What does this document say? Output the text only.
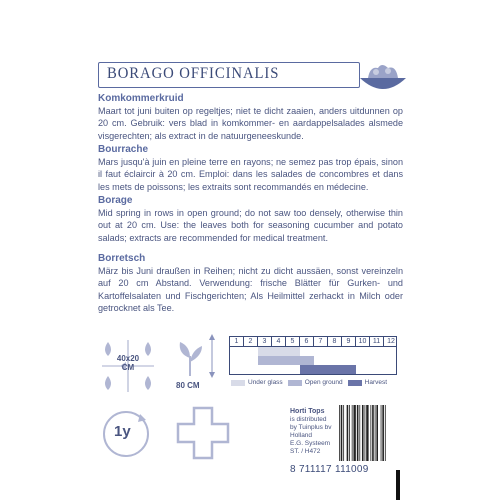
BORAGO OFFICINALIS
Komkommerkruid
Maart tot juni buiten op regeltjes; niet te dicht zaaien, anders uitdunnen op 20 cm. Gebruik: vers blad in komkommer- en aardappelsalades alsmede visgerechten; als extract in de natuurgeneeskunde.
Bourrache
Mars jusqu'à juin en pleine terre en rayons; ne semez pas trop épais, sinon il faut éclaircir à 20 cm. Emploi: dans les salades de concombres et dans les mets de poissons; les extraits sont recommandés en médecine.
Borage
Mid spring in rows in open ground; do not saw too densely, otherwise thin out at 20 cm. Use: the leaves both for seasoning cucumber and potato salads; extracts are recommended for medical treatment.
Borretsch
März bis Juni draußen in Reihen; nicht zu dicht aussäen, sonst vereinzeln auf 20 cm Abstand. Verwendung: frische Blätter für Gurken- und Kartoffelsalaten und Fischgerichten; Als Heilmittel zerhackt in Milch oder getrocknet als Tee.
40x20
CM
80 CM
1y
1	2	3	4	5	6	7	8	9	10 11 12
Under glass	Open ground	Harvest
Horti Tops
is distributed
by Tuinplus bv
Holland
E.G. Systeem
ST. / H472
8 711117 111009
